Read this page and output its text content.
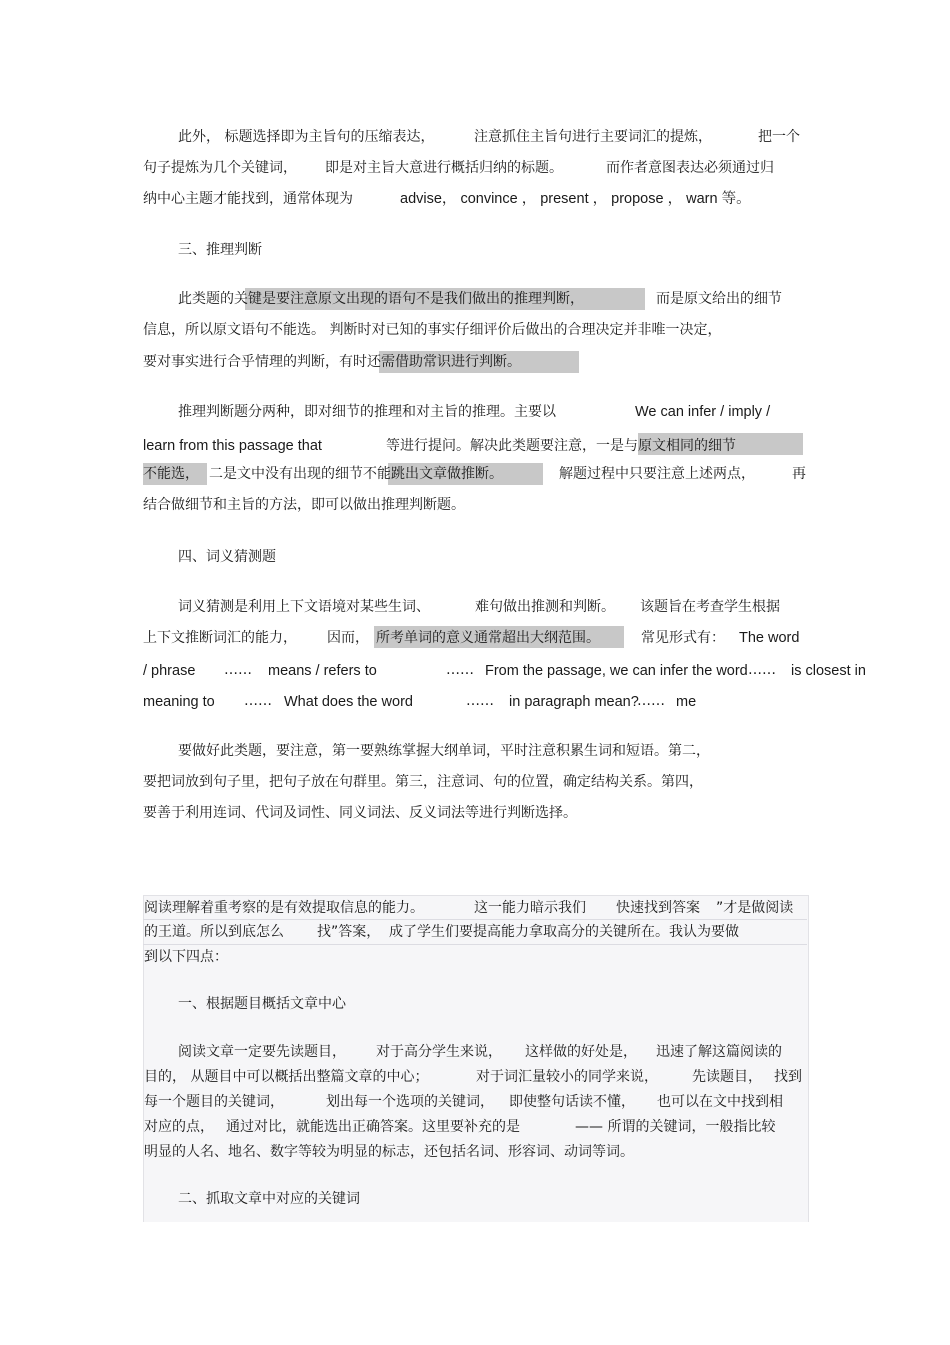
此外， 标题选择即为主旨句的压缩表达，	注意抓住主旨句进行主要词汇的提炼，	把一个
句子提炼为几个关键词， 即是对主旨大意进行概括归纳的标题。	而作者意图表达必须通过归
纳中心主题才能找到，通常体现为	advise， convince ， present ， propose ， warn 等。
三、推理判断
此类题的关键是要注意原文出现的语句不是我们做出的推理判断，	而是原文给出的细节
信息，所以原文语句不能选。 判断时对已知的事实仔细评价后做出的合理决定并非唯一决定，
要对事实进行合乎情理的判断，有时还需借助常识进行判断。
推理判断题分两种，即对细节的推理和对主旨的推理。主要以	We can infer / imply /
learn from this passage that	等进行提问。解决此类题要注意，一是与原文相同的细节
不能选， 二是文中没有出现的细节不能跳出文章做推断。	解题过程中只要注意上述两点，	再
结合做细节和主旨的方法，即可以做出推理判断题。
四、词义猜测题
词义猜测是利用上下文语境对某些生词、	难句做出推测和判断。 该题旨在考查学生根据
上下文推断词汇的能力， 因而， 所考单词的意义通常超出大纲范围。	常见形式有： The word
/ phrase …… means / refers to	…… From the passage, we can infer the word …… is closest in
meaning to …… What does the word	…… in paragraph mean?
…… me
要做好此类题，要注意，第一要熟练掌握大纲单词，平时注意积累生词和短语。第二，
要把词放到句子里，把句子放在句群里。第三，注意词、句的位置，确定结构关系。第四，
要善于利用连词、代词及词性、同义词法、反义词法等进行判断选择。
阅读理解着重考察的是有效提取信息的能力。	这一能力暗示我们 快速找到答案 ”才是做阅读
的王道。所以到底怎么 找”答案， 成了学生们要提高能力拿取高分的关键所在。我认为要做
到以下四点：
一、根据题目概括文章中心
阅读文章一定要先读题目， 对于高分学生来说， 这样做的好处是， 迅速了解这篇阅读的
目的， 从题目中可以概括出整篇文章的中心；	对于词汇量较小的同学来说， 先读题目， 找到
每一个题目的关键词，	划出每一个选项的关键词， 即使整句话读不懂， 也可以在文中找到相
对应的点， 通过对比，就能选出正确答案。这里要补充的是	—— 所谓的关键词，一般指比较
明显的人名、地名、数字等较为明显的标志，还包括名词、形容词、动词等词。
二、抓取文章中对应的关键词
